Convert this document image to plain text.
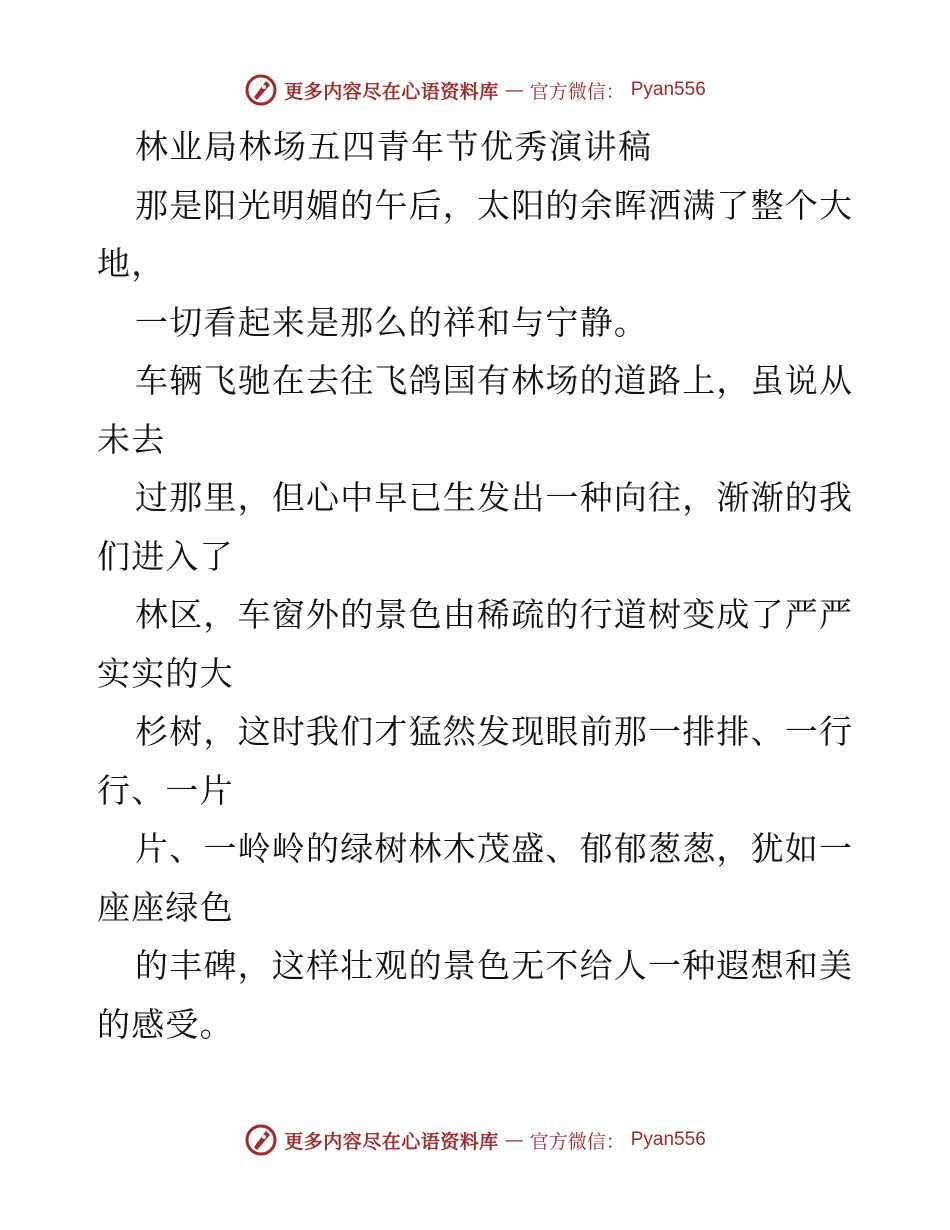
更多内容尽在心语资料库 — 官方微信： Pyan556
林业局林场五四青年节优秀演讲稿
那是阳光明媚的午后，太阳的余晖洒满了整个大
地，
一切看起来是那么的祥和与宁静。
车辆飞驰在去往飞鸽国有林场的道路上，虽说从
未去
过那里，但心中早已生发出一种向往，渐渐的我
们进入了
林区，车窗外的景色由稀疏的行道树变成了严严
实实的大
杉树，这时我们才猛然发现眼前那一排排、一行
行、一片
片、一岭岭的绿树林木茂盛、郁郁葱葱，犹如一
座座绿色
的丰碑，这样壮观的景色无不给人一种遐想和美
的感受。
更多内容尽在心语资料库 — 官方微信： Pyan556
